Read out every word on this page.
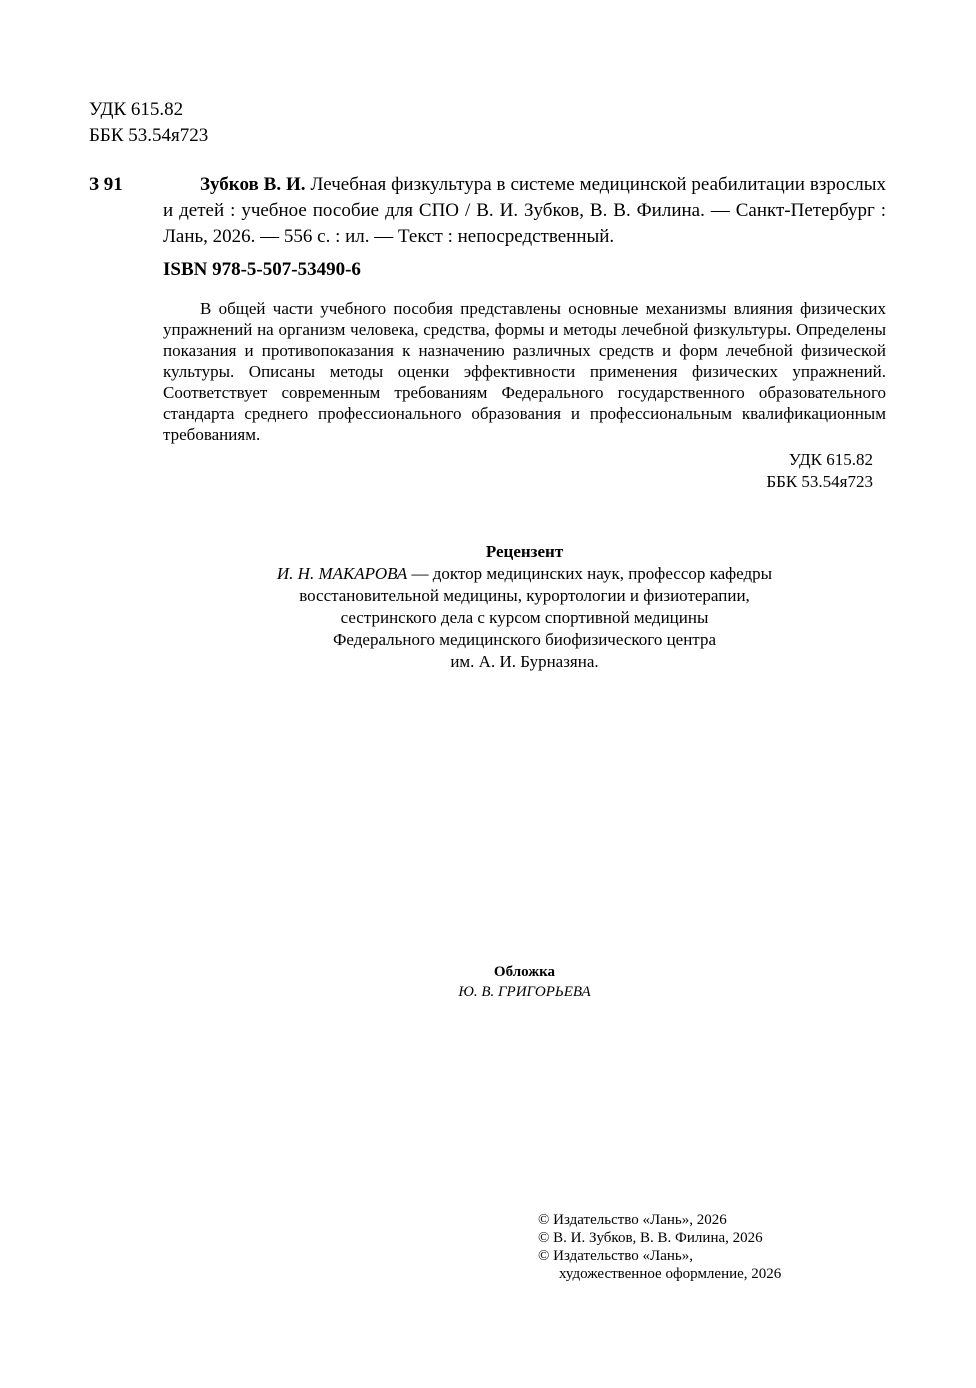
УДК 615.82
ББК 53.54я723
З 91	Зубков В. И. Лечебная физкультура в системе медицинской реабилитации взрослых и детей : учебное пособие для СПО / В. И. Зубков, В. В. Филина. — Санкт-Петербург : Лань, 2026. — 556 с. : ил. — Текст : непосредственный.
ISBN 978-5-507-53490-6

В общей части учебного пособия представлены основные механизмы влияния физических упражнений на организм человека, средства, формы и методы лечебной физкультуры. Определены показания и противопоказания к назначению различных средств и форм лечебной физической культуры. Описаны методы оценки эффективности применения физических упражнений. Соответствует современным требованиям Федерального государственного образовательного стандарта среднего профессионального образования и профессиональным квалификационным требованиям.

УДК 615.82
ББК 53.54я723
Рецензент
И. Н. МАКАРОВА — доктор медицинских наук, профессор кафедры
восстановительной медицины, курортологии и физиотерапии,
сестринского дела с курсом спортивной медицины
Федерального медицинского биофизического центра
им. А. И. Бурназяна.
Обложка
Ю. В. ГРИГОРЬЕВА
© Издательство «Лань», 2026
© В. И. Зубков, В. В. Филина, 2026
© Издательство «Лань»,
художественное оформление, 2026
